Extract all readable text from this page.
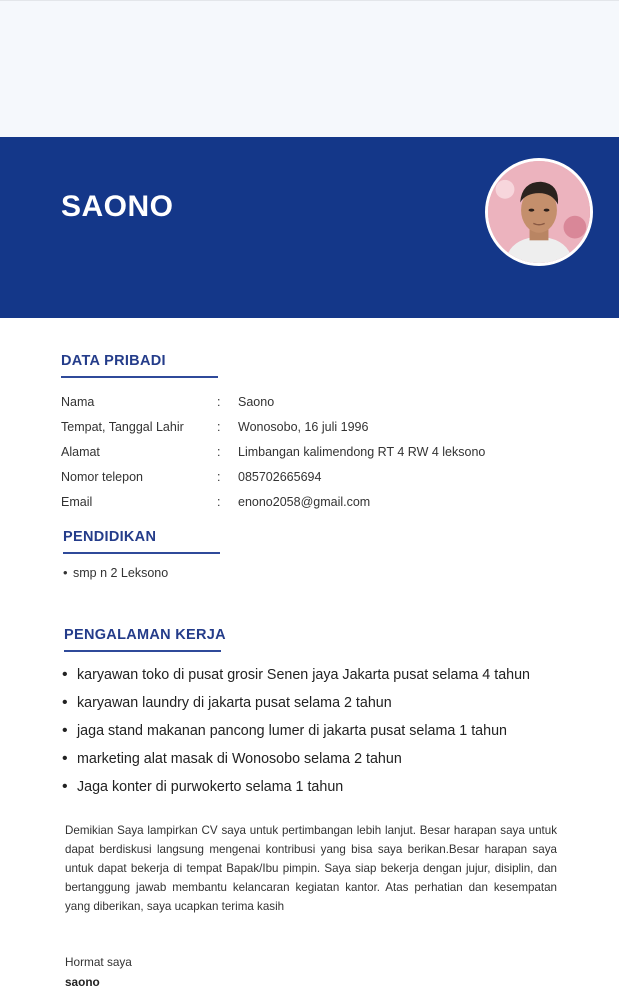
SAONO
DATA PRIBADI
Nama	: Saono
Tempat, Tanggal Lahir	: Wonosobo, 16 juli 1996
Alamat	: Limbangan kalimendong RT 4 RW 4 leksono
Nomor telepon	: 085702665694
Email	: enono2058@gmail.com
PENDIDIKAN
• smp n 2 Leksono
PENGALAMAN KERJA
• karyawan toko di pusat grosir Senen jaya Jakarta pusat selama 4 tahun
• karyawan laundry di jakarta pusat selama 2 tahun
• jaga stand makanan pancong lumer di jakarta pusat selama 1 tahun
• marketing alat masak di Wonosobo selama 2 tahun
• Jaga konter di purwokerto selama 1 tahun
Demikian Saya lampirkan CV saya untuk pertimbangan lebih lanjut. Besar harapan saya untuk dapat berdiskusi langsung mengenai kontribusi yang bisa saya berikan.Besar harapan saya untuk dapat bekerja di tempat Bapak/Ibu pimpin. Saya siap bekerja dengan jujur, disiplin, dan bertanggung jawab membantu kelancaran kegiatan kantor. Atas perhatian dan kesempatan yang diberikan, saya ucapkan terima kasih
Hormat saya
saono
